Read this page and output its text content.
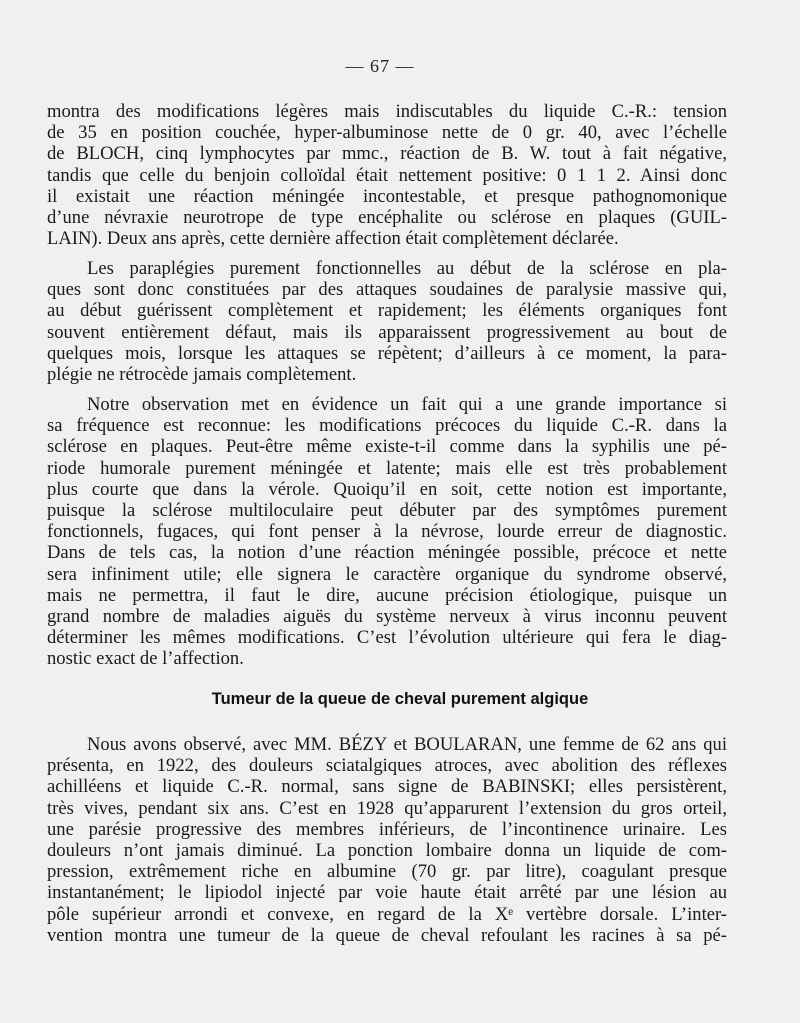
— 67 —
montra des modifications légères mais indiscutables du liquide C.-R.: tension
de 35 en position couchée, hyper-albuminose nette de 0 gr. 40, avec l’échelle
de BLOCH, cinq lymphocytes par mmc., réaction de B. W. tout à fait négative,
tandis que celle du benjoin colloïdal était nettement positive: 0 1 1 2. Ainsi donc
il existait une réaction méningée incontestable, et presque pathognomonique
d’une névraxie neurotrope de type encéphalite ou sclérose en plaques (GUIL-
LAIN). Deux ans après, cette dernière affection était complètement déclarée.
Les paraplégies purement fonctionnelles au début de la sclérose en pla-
ques sont donc constituées par des attaques soudaines de paralysie massive qui,
au début guérissent complètement et rapidement; les éléments organiques font
souvent entièrement défaut, mais ils apparaissent progressivement au bout de
quelques mois, lorsque les attaques se répètent; d’ailleurs à ce moment, la para-
plégie ne rétrocède jamais complètement.
Notre observation met en évidence un fait qui a une grande importance si
sa fréquence est reconnue: les modifications précoces du liquide C.-R. dans la
sclérose en plaques. Peut-être même existe-t-il comme dans la syphilis une pé-
riode humorale purement méningée et latente; mais elle est très probablement
plus courte que dans la vérole. Quoiqu’il en soit, cette notion est importante,
puisque la sclérose multiloculaire peut débuter par des symptômes purement
fonctionnels, fugaces, qui font penser à la névrose, lourde erreur de diagnostic.
Dans de tels cas, la notion d’une réaction méningée possible, précoce et nette
sera infiniment utile; elle signera le caractère organique du syndrome observé,
mais ne permettra, il faut le dire, aucune précision étiologique, puisque un
grand nombre de maladies aiguës du système nerveux à virus inconnu peuvent
déterminer les mêmes modifications. C’est l’évolution ultérieure qui fera le diag-
nostic exact de l’affection.
Tumeur de la queue de cheval purement algique
Nous avons observé, avec MM. BÉZY et BOULARAN, une femme de 62 ans qui
présenta, en 1922, des douleurs sciatalgiques atroces, avec abolition des réflexes
achilléens et liquide C.-R. normal, sans signe de BABINSKI; elles persistèrent,
très vives, pendant six ans. C’est en 1928 qu’apparurent l’extension du gros orteil,
une parésie progressive des membres inférieurs, de l’incontinence urinaire. Les
douleurs n’ont jamais diminué. La ponction lombaire donna un liquide de com-
pression, extrêmement riche en albumine (70 gr. par litre), coagulant presque
instantanément; le lipiodol injecté par voie haute était arrêté par une lésion au
pôle supérieur arrondi et convexe, en regard de la Xᵉ vertèbre dorsale. L’inter-
vention montra une tumeur de la queue de cheval refoulant les racines à sa pé-
